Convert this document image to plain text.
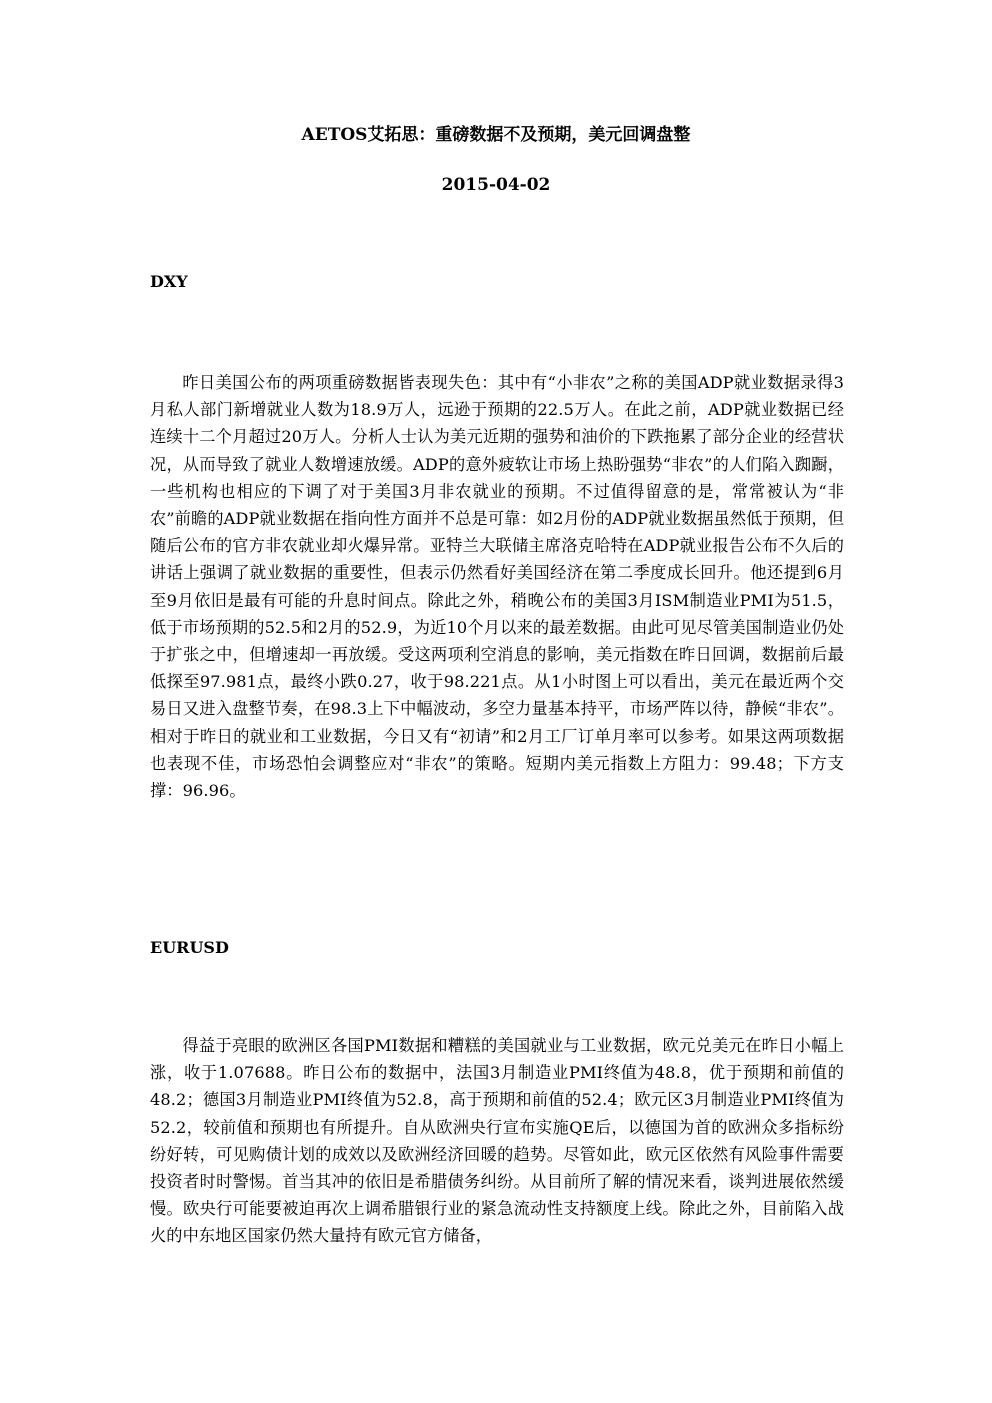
AETOS艾拓思：重磅数据不及预期，美元回调盘整
2015-04-02
DXY

昨日美国公布的两项重磅数据皆表现失色：其中有“小非农”之称的美国ADP就业数据录得3月私人部门新增就业人数为18.9万人，远逊于预期的22.5万人。在此之前，ADP就业数据已经连续十二个月超过20万人。分析人士认为美元近期的强势和油价的下跌拖累了部分企业的经营状况，从而导致了就业人数增速放缓。ADP的意外疲软让市场上热盼强势“非农”的人们陷入踟蹰，一些机构也相应的下调了对于美国3月非农就业的预期。不过值得留意的是，常常被认为“非农”前瞻的ADP就业数据在指向性方面并不总是可靠：如2月份的ADP就业数据虽然低于预期，但随后公布的官方非农就业却火爆异常。亚特兰大联储主席洛克哈特在ADP就业报告公布不久后的讲话上强调了就业数据的重要性，但表示仍然看好美国经济在第二季度成长回升。他还提到6月至9月依旧是最有可能的升息时间点。除此之外，稍晚公布的美国3月ISM制造业PMI为51.5，低于市场预期的52.5和2月的52.9，为近10个月以来的最差数据。由此可见尽管美国制造业仍处于扩张之中，但增速却一再放缓。受这两项利空消息的影响，美元指数在昨日回调，数据前后最低探至97.981点，最终小跌0.27，收于98.221点。从1小时图上可以看出，美元在最近两个交易日又进入盘整节奏，在98.3上下中幅波动，多空力量基本持平，市场严阵以待，静候“非农”。相对于昨日的就业和工业数据，今日又有“初请”和2月工厂订单月率可以参考。如果这两项数据也表现不佳，市场恐怕会调整应对“非农”的策略。短期内美元指数上方阻力：99.48；下方支撑：96.96。

EURUSD

得益于亮眼的欧洲区各国PMI数据和糟糕的美国就业与工业数据，欧元兑美元在昨日小幅上涨，收于1.07688。昨日公布的数据中，法国3月制造业PMI终值为48.8，优于预期和前值的48.2；德国3月制造业PMI终值为52.8，高于预期和前值的52.4；欧元区3月制造业PMI终值为52.2，较前值和预期也有所提升。自从欧洲央行宣布实施QE后，以德国为首的欧洲众多指标纷纷好转，可见购债计划的成效以及欧洲经济回暖的趋势。尽管如此，欧元区依然有风险事件需要投资者时时警惕。首当其冲的依旧是希腊债务纠纷。从目前所了解的情况来看，谈判进展依然缓慢。欧央行可能要被迫再次上调希腊银行业的紧急流动性支持额度上线。除此之外，目前陷入战火的中东地区国家仍然大量持有欧元官方储备，
